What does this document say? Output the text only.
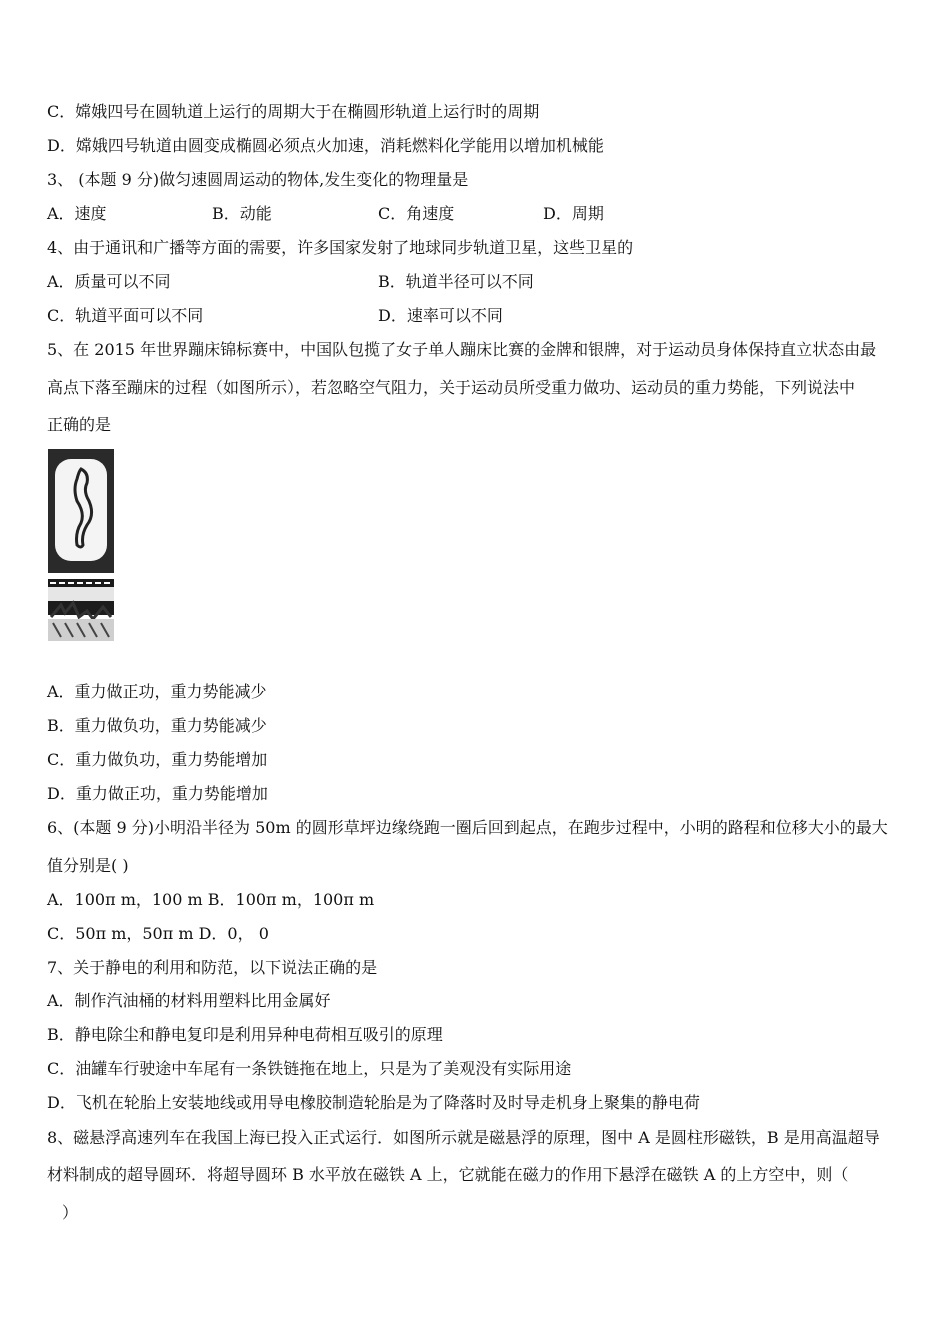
C．嫦娥四号在圆轨道上运行的周期大于在椭圆形轨道上运行时的周期
D．嫦娥四号轨道由圆变成椭圆必须点火加速，消耗燃料化学能用以增加机械能
3、 (本题 9 分)做匀速圆周运动的物体,发生变化的物理量是
A．速度	B．动能	C．角速度	D．周期
4、由于通讯和广播等方面的需要，许多国家发射了地球同步轨道卫星，这些卫星的
A．质量可以不同	B．轨道半径可以不同
C．轨道平面可以不同	D．速率可以不同
5、在 2015 年世界蹦床锦标赛中，中国队包揽了女子单人蹦床比赛的金牌和银牌，对于运动员身体保持直立状态由最
高点下落至蹦床的过程（如图所示），若忽略空气阻力，关于运动员所受重力做功、运动员的重力势能，下列说法中
正确的是
A．重力做正功，重力势能减少
B．重力做负功，重力势能减少
C．重力做负功，重力势能增加
D．重力做正功，重力势能增加
6、(本题 9 分)小明沿半径为 50m 的圆形草坪边缘绕跑一圈后回到起点，在跑步过程中，小明的路程和位移大小的最大
值分别是( )
A．100π m，100 m B．100π m，100π m
C．50π m，50π m D．0， 0
7、关于静电的利用和防范，以下说法正确的是
A．制作汽油桶的材料用塑料比用金属好
B．静电除尘和静电复印是利用异种电荷相互吸引的原理
C．油罐车行驶途中车尾有一条铁链拖在地上，只是为了美观没有实际用途
D．飞机在轮胎上安装地线或用导电橡胶制造轮胎是为了降落时及时导走机身上聚集的静电荷
8、磁悬浮高速列车在我国上海已投入正式运行．如图所示就是磁悬浮的原理，图中 A 是圆柱形磁铁，B 是用高温超导
材料制成的超导圆环．将超导圆环 B 水平放在磁铁 A 上，它就能在磁力的作用下悬浮在磁铁 A 的上方空中，则（
）
